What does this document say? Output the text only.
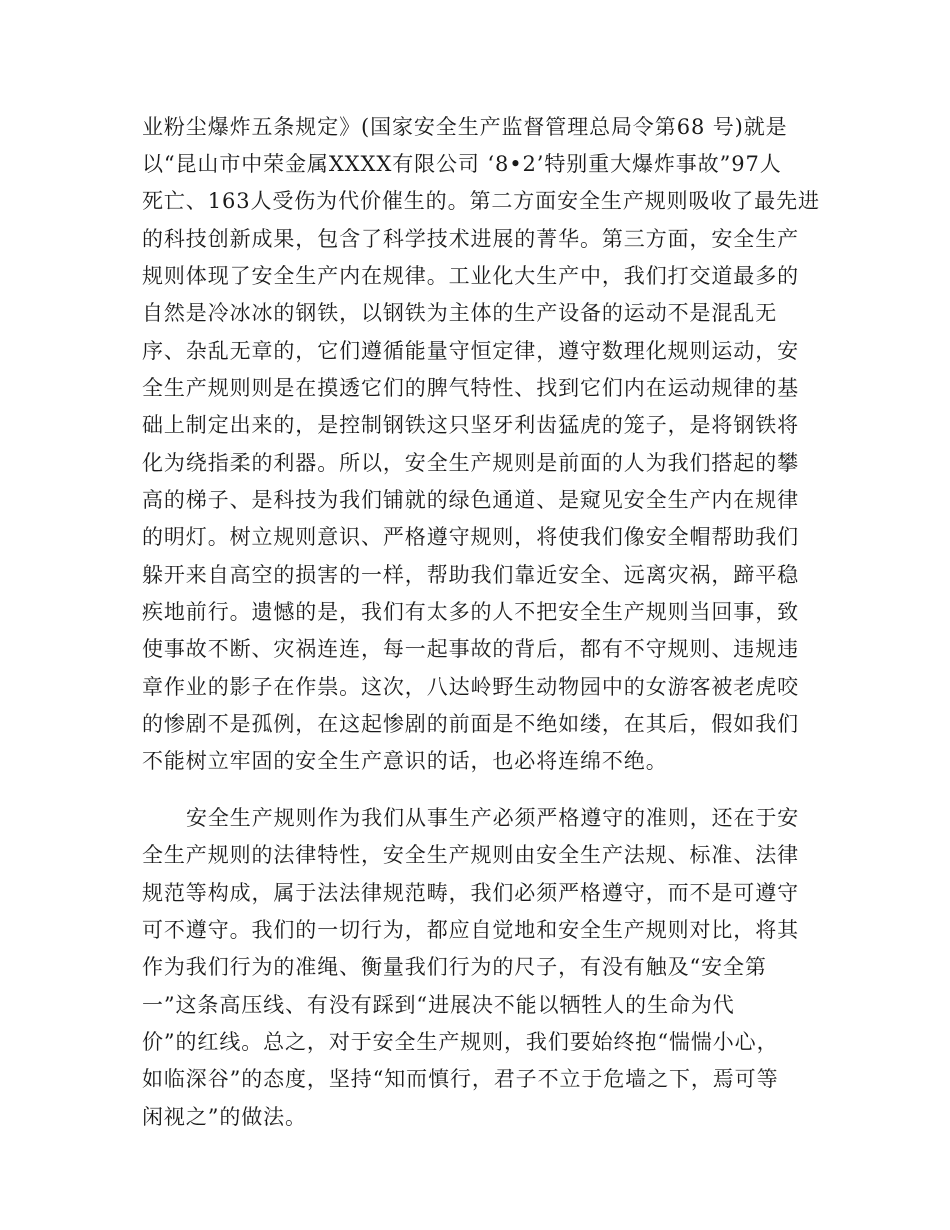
业粉尘爆炸五条规定》(国家安全生产监督管理总局令第68 号)就是
以“昆山市中荣金属XXXX有限公司 ‘8•2’特别重大爆炸事故”97人
死亡、163人受伤为代价催生的。第二方面安全生产规则吸收了最先进
的科技创新成果，包含了科学技术进展的菁华。第三方面，安全生产
规则体现了安全生产内在规律。工业化大生产中，我们打交道最多的
自然是冷冰冰的钢铁，以钢铁为主体的生产设备的运动不是混乱无
序、杂乱无章的，它们遵循能量守恒定律，遵守数理化规则运动，安
全生产规则则是在摸透它们的脾气特性、找到它们内在运动规律的基
础上制定出来的，是控制钢铁这只坚牙利齿猛虎的笼子，是将钢铁将
化为绕指柔的利器。所以，安全生产规则是前面的人为我们搭起的攀
高的梯子、是科技为我们铺就的绿色通道、是窥见安全生产内在规律
的明灯。树立规则意识、严格遵守规则，将使我们像安全帽帮助我们
躲开来自高空的损害的一样，帮助我们靠近安全、远离灾祸，蹄平稳
疾地前行。遗憾的是，我们有太多的人不把安全生产规则当回事，致
使事故不断、灾祸连连，每一起事故的背后，都有不守规则、违规违
章作业的影子在作祟。这次，八达岭野生动物园中的女游客被老虎咬
的惨剧不是孤例，在这起惨剧的前面是不绝如缕，在其后，假如我们
不能树立牢固的安全生产意识的话，也必将连绵不绝。
安全生产规则作为我们从事生产必须严格遵守的准则，还在于安
全生产规则的法律特性，安全生产规则由安全生产法规、标准、法律
规范等构成，属于法法律规范畴，我们必须严格遵守，而不是可遵守
可不遵守。我们的一切行为，都应自觉地和安全生产规则对比，将其
作为我们行为的准绳、衡量我们行为的尺子，有没有触及“安全第
一”这条高压线、有没有踩到“进展决不能以牺牲人的生命为代
价”的红线。总之，对于安全生产规则，我们要始终抱“惴惴小心，
如临深谷”的态度，坚持“知而慎行，君子不立于危墙之下，焉可等
闲视之”的做法。
